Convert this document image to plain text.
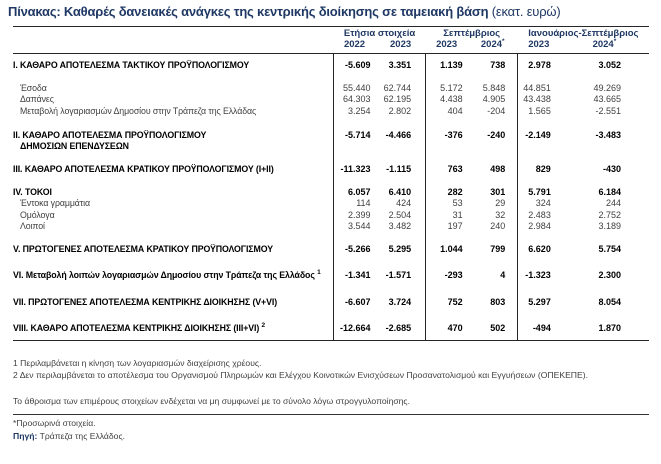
Πίνακας: Καθαρές δανειακές ανάγκες της κεντρικής διοίκησης σε ταμειακή βάση (εκατ. ευρώ)
	Ετήσια στοιχεία		Σεπτέμβριος		Ιανουάριος-Σεπτέμβριος	
	2022	2023	2023	2024*	2023	2024*

Ι. ΚΑΘΑΡΟ ΑΠΟΤΕΛΕΣΜΑ ΤΑΚΤΙΚΟΥ ΠΡΟΫΠΟΛΟΓΙΣΜΟΥ	-5.609	3.351	1.139	738	2.978	3.052

Έσοδα	55.440	62.744	5.172	5.848	44.851	49.269
Δαπάνες	64.303	62.195	4.438	4.905	43.438	43.665
Μεταβολή λογαριασμών Δημοσίου στην Τράπεζα της Ελλάδας	3.254	2.802	404	-204	1.565	-2.551

ΙΙ. ΚΑΘΑΡΟ ΑΠΟΤΕΛΕΣΜΑ ΠΡΟΫΠΟΛΟΓΙΣΜΟΥ
ΔΗΜΟΣΙΩΝ ΕΠΕΝΔΥΣΕΩΝ	-5.714	-4.466	-376	-240	-2.149	-3.483

ΙΙΙ. ΚΑΘΑΡΟ ΑΠΟΤΕΛΕΣΜΑ ΚΡΑΤΙΚΟΥ ΠΡΟΫΠΟΛΟΓΙΣΜΟΥ (Ι+ΙΙ)	-11.323	-1.115	763	498	829	-430

IV. ΤΟΚΟΙ	6.057	6.410	282	301	5.791	6.184
Έντοκα γραμμάτια	114	424	53	29	324	244
Ομόλογα	2.399	2.504	31	32	2.483	2.752
Λοιποί	3.544	3.482	197	240	2.984	3.189

V. ΠΡΩΤΟΓΕΝΕΣ ΑΠΟΤΕΛΕΣΜΑ ΚΡΑΤΙΚΟΥ ΠΡΟΫΠΟΛΟΓΙΣΜΟΥ	-5.266	5.295	1.044	799	6.620	5.754

VI. Μεταβολή λοιπών λογαριασμών Δημοσίου στην Τράπεζα της Ελλάδος $^1$	-1.341	-1.571	-293	4	-1.323	2.300

VII. ΠΡΩΤΟΓΕΝΕΣ ΑΠΟΤΕΛΕΣΜΑ ΚΕΝΤΡΙΚΗΣ ΔΙΟΙΚΗΣΗΣ (V+VI)	-6.607	3.724	752	803	5.297	8.054

VIII. ΚΑΘΑΡΟ ΑΠΟΤΕΛΕΣΜΑ ΚΕΝΤΡΙΚΗΣ ΔΙΟΙΚΗΣΗΣ (III+VI) $^2$	-12.664	-2.685	470	502	-494	1.870

1 Περιλαμβάνεται η κίνηση των λογαριασμών διαχείρισης χρέους.
2 Δεν περιλαμβάνεται το αποτέλεσμα του Οργανισμού Πληρωμών και Ελέγχου Κοινοτικών Ενισχύσεων Προσανατολισμού και Εγγυήσεων (ΟΠΕΚΕΠΕ).
Το άθροισμα των επιμέρους στοιχείων ενδέχεται να μη συμφωνεί με το σύνολο λόγω στρογγυλοποίησης.
*Προσωρινά στοιχεία.
Πηγή: Τράπεζα της Ελλάδος.
